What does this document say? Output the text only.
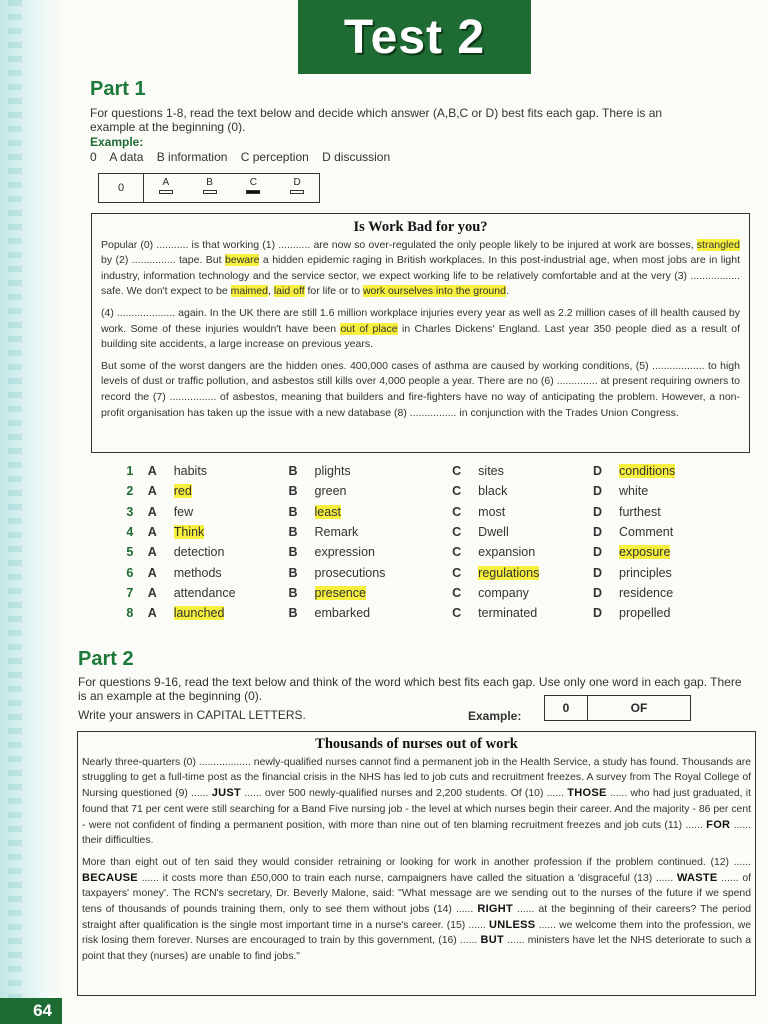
Test 2
Part 1
For questions 1-8, read the text below and decide which answer (A,B,C or D) best fits each gap. There is an example at the beginning (0).
Example:
0    A data    B information    C perception    D discussion
0	A	B	C	D
Is Work Bad for you?

Popular (0) ........... is that working (1) ........... are now so over-regulated the only people likely to be injured at work are bosses, strangled by (2) ............... tape. But beware a hidden epidemic raging in British workplaces. In this post-industrial age, when most jobs are in light industry, information technology and the service sector, we expect working life to be relatively comfortable and at the very (3) ................. safe. We don't expect to be maimed, laid off for life or to work ourselves into the ground.

(4) .................... again. In the UK there are still 1.6 million workplace injuries every year as well as 2.2 million cases of ill health caused by work. Some of these injuries wouldn't have been out of place in Charles Dickens' England. Last year 350 people died as a result of building site accidents, a large increase on previous years.

But some of the worst dangers are the hidden ones. 400,000 cases of asthma are caused by working conditions, (5) .................. to high levels of dust or traffic pollution, and asbestos still kills over 4,000 people a year. There are no (6) .............. at present requiring owners to record the (7) ................ of asbestos, meaning that builders and fire-fighters have no way of anticipating the problem. However, a non-profit organisation has taken up the issue with a new database (8) ................ in conjunction with the Trades Union Congress.

1	A	habits	B	plights	C	sites	D	conditions
2	A	red	B	green	C	black	D	white
3	A	few	B	least	C	most	D	furthest
4	A	Think	B	Remark	C	Dwell	D	Comment
5	A	detection	B	expression	C	expansion	D	exposure
6	A	methods	B	prosecutions	C	regulations	D	principles
7	A	attendance	B	presence	C	company	D	residence
8	A	launched	B	embarked	C	terminated	D	propelled
Part 2
For questions 9-16, read the text below and think of the word which best fits each gap. Use only one word in each gap. There is an example at the beginning (0).
Write your answers in CAPITAL LETTERS.	Example:
0	OF
Thousands of nurses out of work

Nearly three-quarters (0) .................. newly-qualified nurses cannot find a permanent job in the Health Service, a study has found. Thousands are struggling to get a full-time post as the financial crisis in the NHS has led to job cuts and recruitment freezes. A survey from The Royal College of Nursing questioned (9) ...... JUST ...... over 500 newly-qualified nurses and 2,200 students. Of (10) ...... THOSE ...... who had just graduated, it found that 71 per cent were still searching for a Band Five nursing job - the level at which nurses begin their career. And the majority - 86 per cent - were not confident of finding a permanent position, with more than nine out of ten blaming recruitment freezes and job cuts (11) ...... FOR ...... their difficulties.

More than eight out of ten said they would consider retraining or looking for work in another profession if the problem continued. (12) ...... BECAUSE ...... it costs more than £50,000 to train each nurse, campaigners have called the situation a 'disgraceful (13) ...... WASTE ...... of taxpayers' money'. The RCN's secretary, Dr. Beverly Malone, said: "What message are we sending out to the nurses of the future if we spend tens of thousands of pounds training them, only to see them without jobs (14) ...... RIGHT ...... at the beginning of their careers? The period straight after qualification is the single most important time in a nurse's career. (15) ...... UNLESS ...... we welcome them into the profession, we risk losing them forever. Nurses are encouraged to train by this government, (16) ...... BUT ...... ministers have let the NHS deteriorate to such a point that they (nurses) are unable to find jobs."

64
